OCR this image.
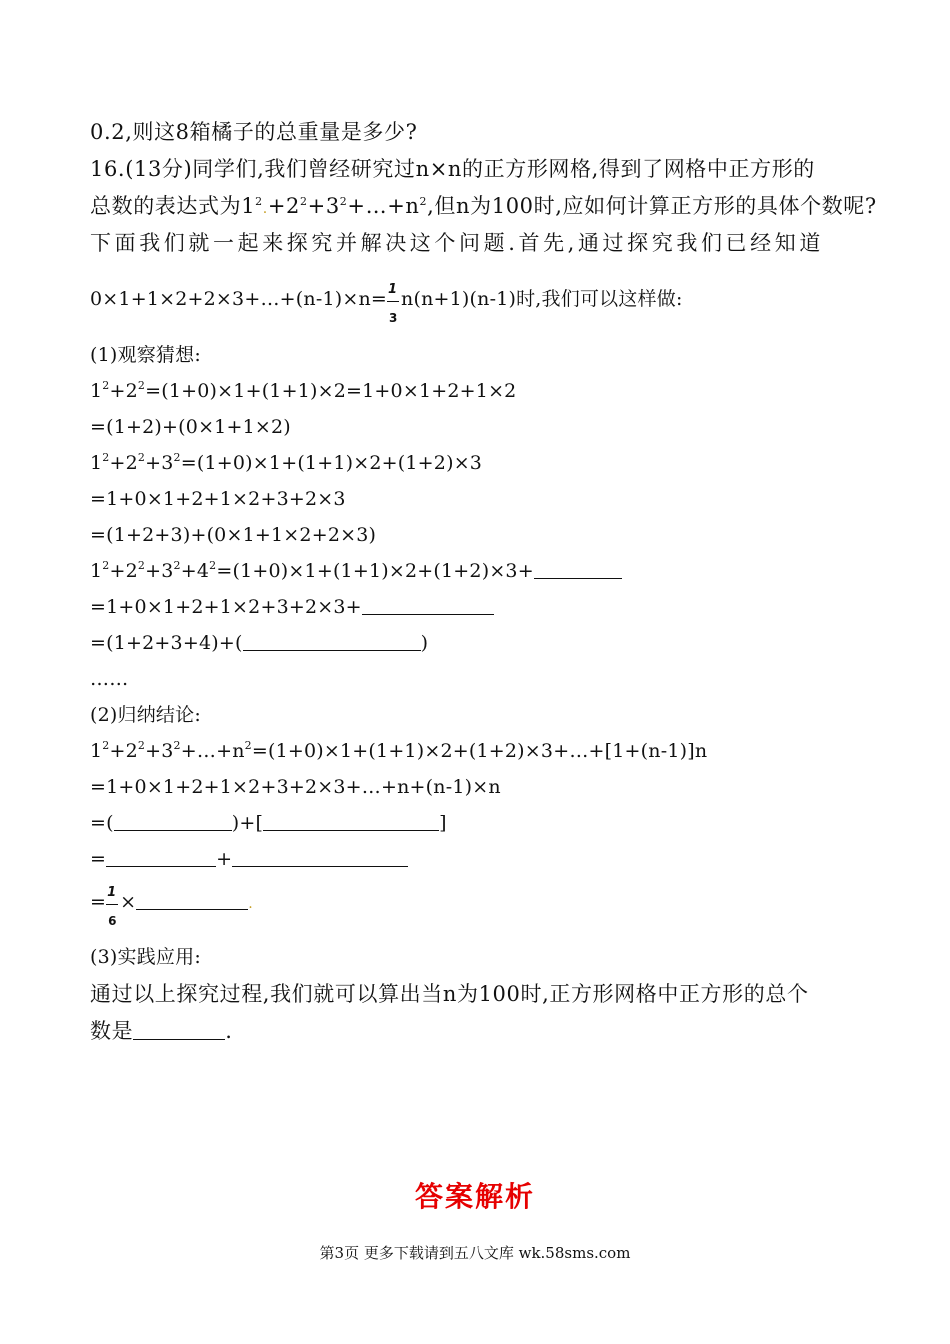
0.2,则这8箱橘子的总重量是多少?
16.(13分)同学们,我们曾经研究过n×n的正方形网格,得到了网格中正方形的
总数的表达式为$1^2.+2^2+3^2+\dots+n^2$,但n为100时,应如何计算正方形的具体个数呢?
下面我们就一起来探究并解决这个问题.首先,通过探究我们已经知道
0×1+1×2+2×3+…+(n-1)×n= $\frac{1}{3} n(n+1)(n-1)$时,我们可以这样做:
(1)观察猜想:
$1^2+2^2=(1+0)\times 1+(1+1)\times 2=1+0\times 1+2+1\times 2$
=(1+2)+(0×1+1×2)
$1^2+2^2+3^2=(1+0)\times 1+(1+1)\times 2+(1+2)\times 3$
=1+0×1+2+1×2+3+2×3
=(1+2+3)+(0×1+1×2+2×3)
$1^2+2^2+3^2+4^2=(1+0)\times 1+(1+1)\times 2+(1+2)\times 3+$
=1+0×1+2+1×2+3+2×3+
=(1+2+3+4)+(	)
……
(2)归纳结论:
$1^2+2^2+3^2+\dots+n^2=(1+0)\times 1+(1+1)\times 2+(1+2)\times 3+\dots+[1+(n-1)]n$
=1+0×1+2+1×2+3+2×3+…+n+(n-1)×n
=(	)+[	]
=	+
= $\frac{1}{6}$ ×	.
(3)实践应用:
通过以上探究过程,我们就可以算出当n为100时,正方形网格中正方形的总个
数是	.
答案解析
第3页 更多下载请到五八文库 wk.58sms.com
